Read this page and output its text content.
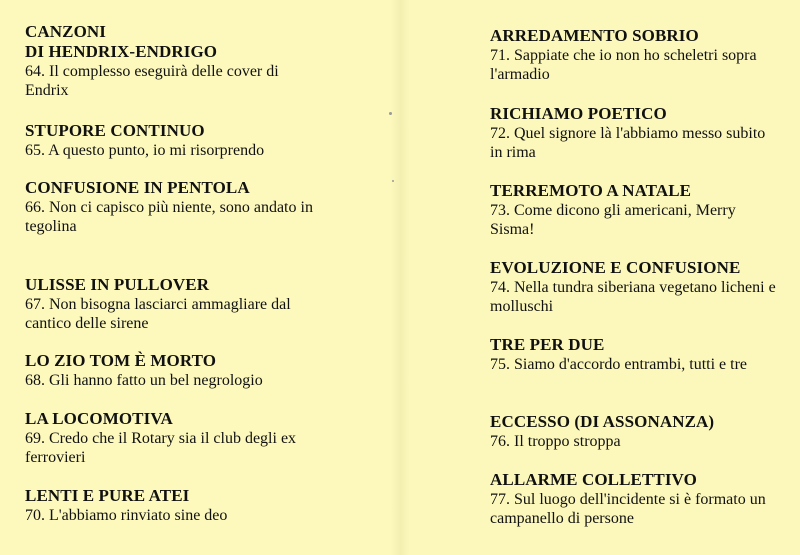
CANZONI
DI HENDRIX-ENDRIGO
64. Il complesso eseguirà delle cover di Endrix
STUPORE CONTINUO
65. A questo punto, io mi risorprendo
CONFUSIONE IN PENTOLA
66. Non ci capisco più niente, sono andato in tegolina
ULISSE IN PULLOVER
67. Non bisogna lasciarci ammagliare dal cantico delle sirene
LO ZIO TOM È MORTO
68. Gli hanno fatto un bel negrologio
LA LOCOMOTIVA
69. Credo che il Rotary sia il club degli ex ferrovieri
LENTI E PURE ATEI
70. L'abbiamo rinviato sine deo
ARREDAMENTO SOBRIO
71. Sappiate che io non ho scheletri sopra l'armadio
RICHIAMO POETICO
72. Quel signore là l'abbiamo messo subito in rima
TERREMOTO A NATALE
73. Come dicono gli americani, Merry Sisma!
EVOLUZIONE E CONFUSIONE
74. Nella tundra siberiana vegetano licheni e molluschi
TRE PER DUE
75. Siamo d'accordo entrambi, tutti e tre
ECCESSO (DI ASSONANZA)
76. Il troppo stroppa
ALLARME COLLETTIVO
77. Sul luogo dell'incidente si è formato un campanello di persone
